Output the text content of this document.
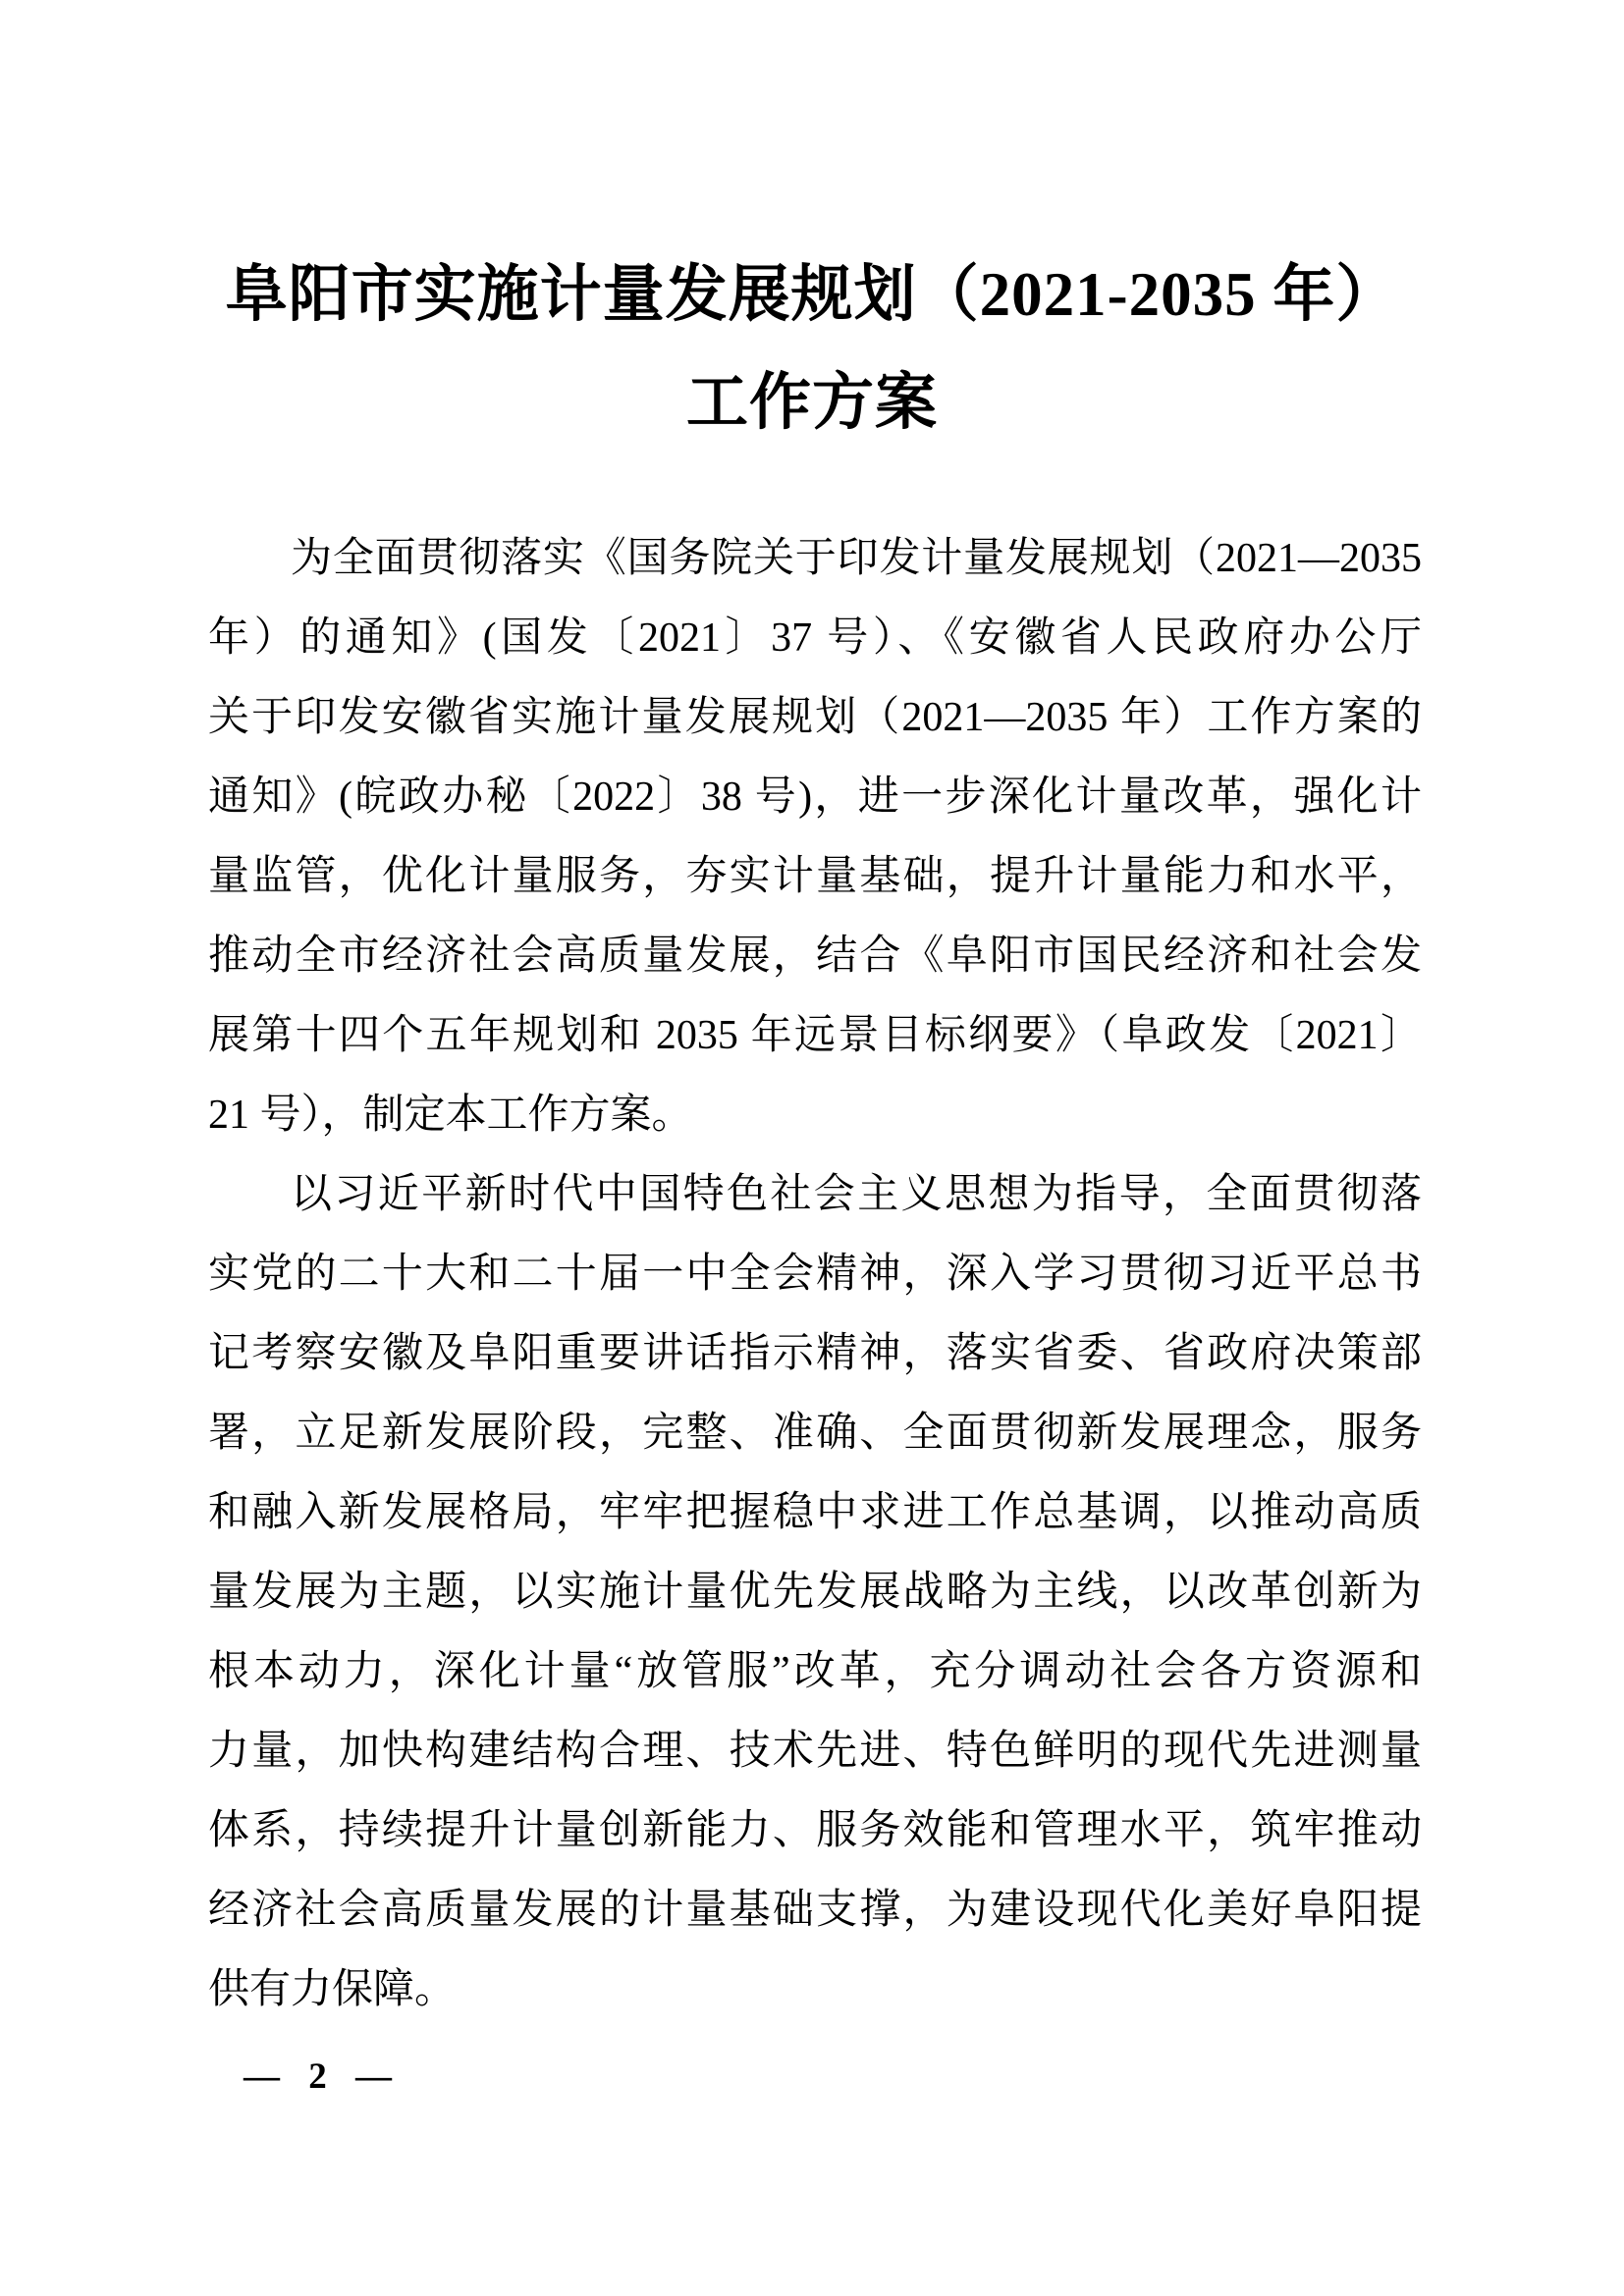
阜阳市实施计量发展规划（2021-2035 年）
工作方案
为全面贯彻落实《国务院关于印发计量发展规划（2021—2035
年）的通知》(国发〔2021〕37 号）、《安徽省人民政府办公厅
关于印发安徽省实施计量发展规划（2021—2035 年）工作方案的
通知》(皖政办秘〔2022〕38 号)，进一步深化计量改革，强化计
量监管，优化计量服务，夯实计量基础，提升计量能力和水平，
推动全市经济社会高质量发展，结合《阜阳市国民经济和社会发
展第十四个五年规划和 2035 年远景目标纲要》（阜政发〔2021〕
21 号），制定本工作方案。
以习近平新时代中国特色社会主义思想为指导，全面贯彻落
实党的二十大和二十届一中全会精神，深入学习贯彻习近平总书
记考察安徽及阜阳重要讲话指示精神，落实省委、省政府决策部
署，立足新发展阶段，完整、准确、全面贯彻新发展理念，服务
和融入新发展格局，牢牢把握稳中求进工作总基调，以推动高质
量发展为主题，以实施计量优先发展战略为主线，以改革创新为
根本动力，深化计量“放管服”改革，充分调动社会各方资源和
力量，加快构建结构合理、技术先进、特色鲜明的现代先进测量
体系，持续提升计量创新能力、服务效能和管理水平，筑牢推动
经济社会高质量发展的计量基础支撑，为建设现代化美好阜阳提
供有力保障。
— 2 —
